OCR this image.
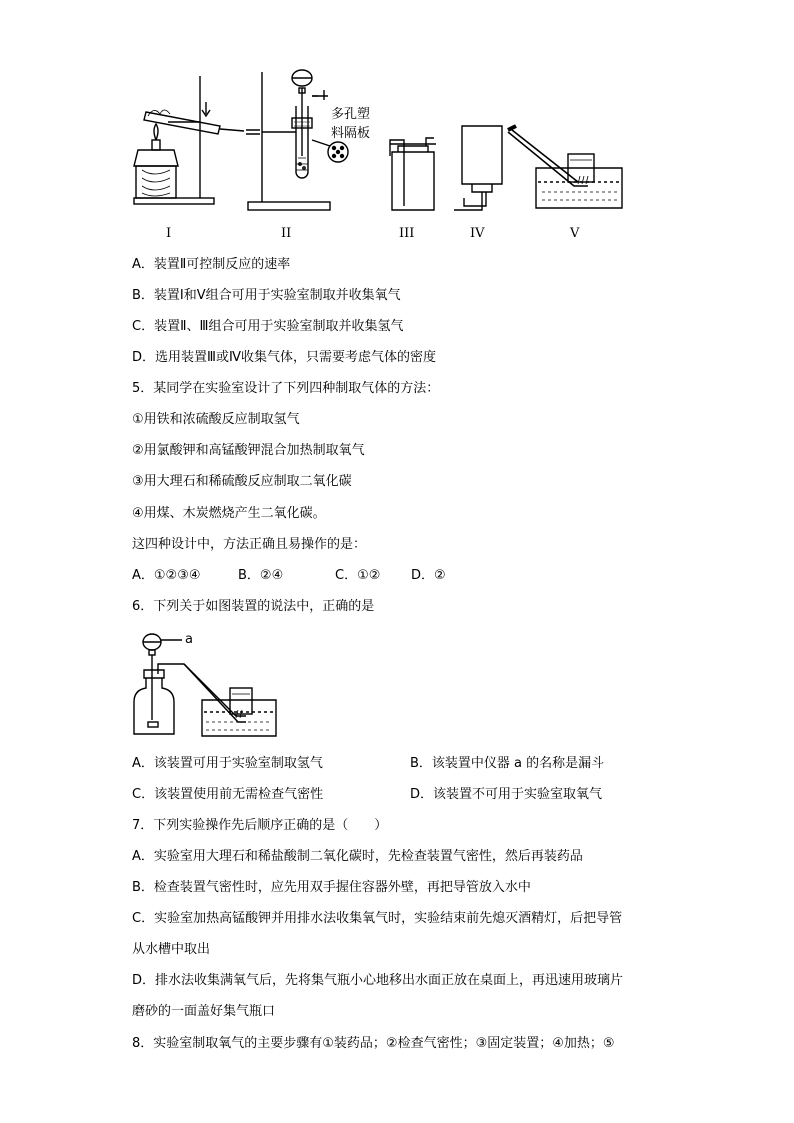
多孔塑
料隔板
I	II	III	IV	V
A．装置Ⅱ可控制反应的速率
B．装置Ⅰ和Ⅴ组合可用于实验室制取并收集氧气
C．装置Ⅱ、Ⅲ组合可用于实验室制取并收集氢气
D．选用装置Ⅲ或Ⅳ收集气体，只需要考虑气体的密度
5．某同学在实验室设计了下列四种制取气体的方法：
①用铁和浓硫酸反应制取氢气
②用氯酸钾和高锰酸钾混合加热制取氧气
③用大理石和稀硫酸反应制取二氧化碳
④用煤、木炭燃烧产生二氧化碳。
这四种设计中，方法正确且易操作的是：
A．①②③④	B．②④	C．①② D．②
6．下列关于如图装置的说法中，正确的是
a
A．该装置可用于实验室制取氢气	B．该装置中仪器 a 的名称是漏斗
C．该装置使用前无需检查气密性	D．该装置不可用于实验室取氧气
7．下列实验操作先后顺序正确的是（　　）
A．实验室用大理石和稀盐酸制二氧化碳时，先检查装置气密性，然后再装药品
B．检查装置气密性时，应先用双手握住容器外壁，再把导管放入水中
C．实验室加热高锰酸钾并用排水法收集氧气时，实验结束前先熄灭酒精灯，后把导管
从水槽中取出
D．排水法收集满氧气后，先将集气瓶小心地移出水面正放在桌面上，再迅速用玻璃片
磨砂的一面盖好集气瓶口
8．实验室制取氧气的主要步骤有①装药品；②检查气密性；③固定装置；④加热；⑤
